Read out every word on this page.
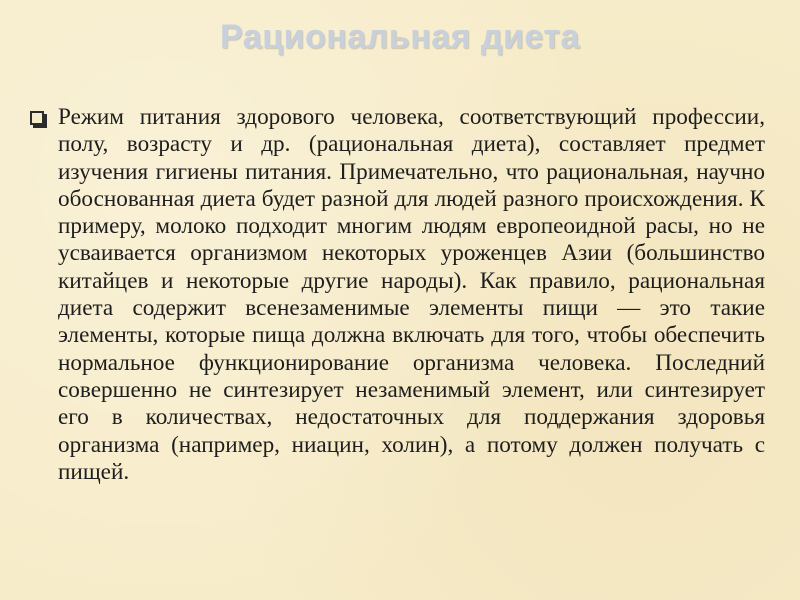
Рациональная диета

Режим питания здорового человека, соответствующий профессии, полу, возрасту и др. (рациональная диета), составляет предмет изучения гигиены питания. Примечательно, что рациональная, научно обоснованная диета будет разной для людей разного происхождения. К примеру, молоко подходит многим людям европеоидной расы, но не усваивается организмом некоторых уроженцев Азии (большинство китайцев и некоторые другие народы). Как правило, рациональная диета содержит всенезаменимые элементы пищи — это такие элементы, которые пища должна включать для того, чтобы обеспечить нормальное функционирование организма человека. Последний совершенно не синтезирует незаменимый элемент, или синтезирует его в количествах, недостаточных для поддержания здоровья организма (например, ниацин, холин), а потому должен получать с пищей.
